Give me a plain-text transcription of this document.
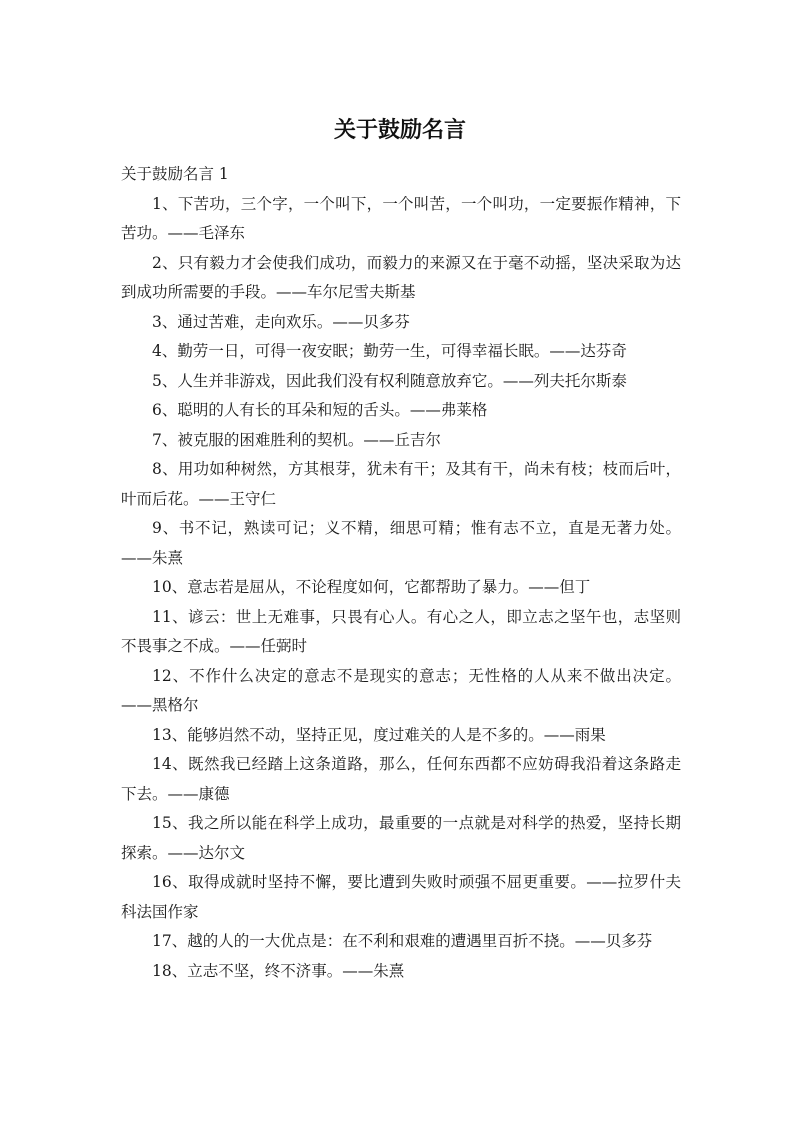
关于鼓励名言

关于鼓励名言 1

1、下苦功，三个字，一个叫下，一个叫苦，一个叫功，一定要振作精神，下苦功。——毛泽东

2、只有毅力才会使我们成功，而毅力的来源又在于毫不动摇，坚决采取为达到成功所需要的手段。——车尔尼雪夫斯基

3、通过苦难，走向欢乐。——贝多芬

4、勤劳一日，可得一夜安眠；勤劳一生，可得幸福长眠。——达芬奇

5、人生并非游戏，因此我们没有权利随意放弃它。——列夫托尔斯泰

6、聪明的人有长的耳朵和短的舌头。——弗莱格

7、被克服的困难胜利的契机。——丘吉尔

8、用功如种树然，方其根芽，犹未有干；及其有干，尚未有枝；枝而后叶，叶而后花。——王守仁

9、书不记，熟读可记；义不精，细思可精；惟有志不立，直是无著力处。——朱熹

10、意志若是屈从，不论程度如何，它都帮助了暴力。——但丁

11、谚云：世上无难事，只畏有心人。有心之人，即立志之坚午也，志坚则不畏事之不成。——任弼时

12、不作什么决定的意志不是现实的意志；无性格的人从来不做出决定。——黑格尔

13、能够岿然不动，坚持正见，度过难关的人是不多的。——雨果

14、既然我已经踏上这条道路，那么，任何东西都不应妨碍我沿着这条路走下去。——康德

15、我之所以能在科学上成功，最重要的一点就是对科学的热爱，坚持长期探索。——达尔文

16、取得成就时坚持不懈，要比遭到失败时顽强不屈更重要。——拉罗什夫科法国作家

17、越的人的一大优点是：在不利和艰难的遭遇里百折不挠。——贝多芬

18、立志不坚，终不济事。——朱熹
